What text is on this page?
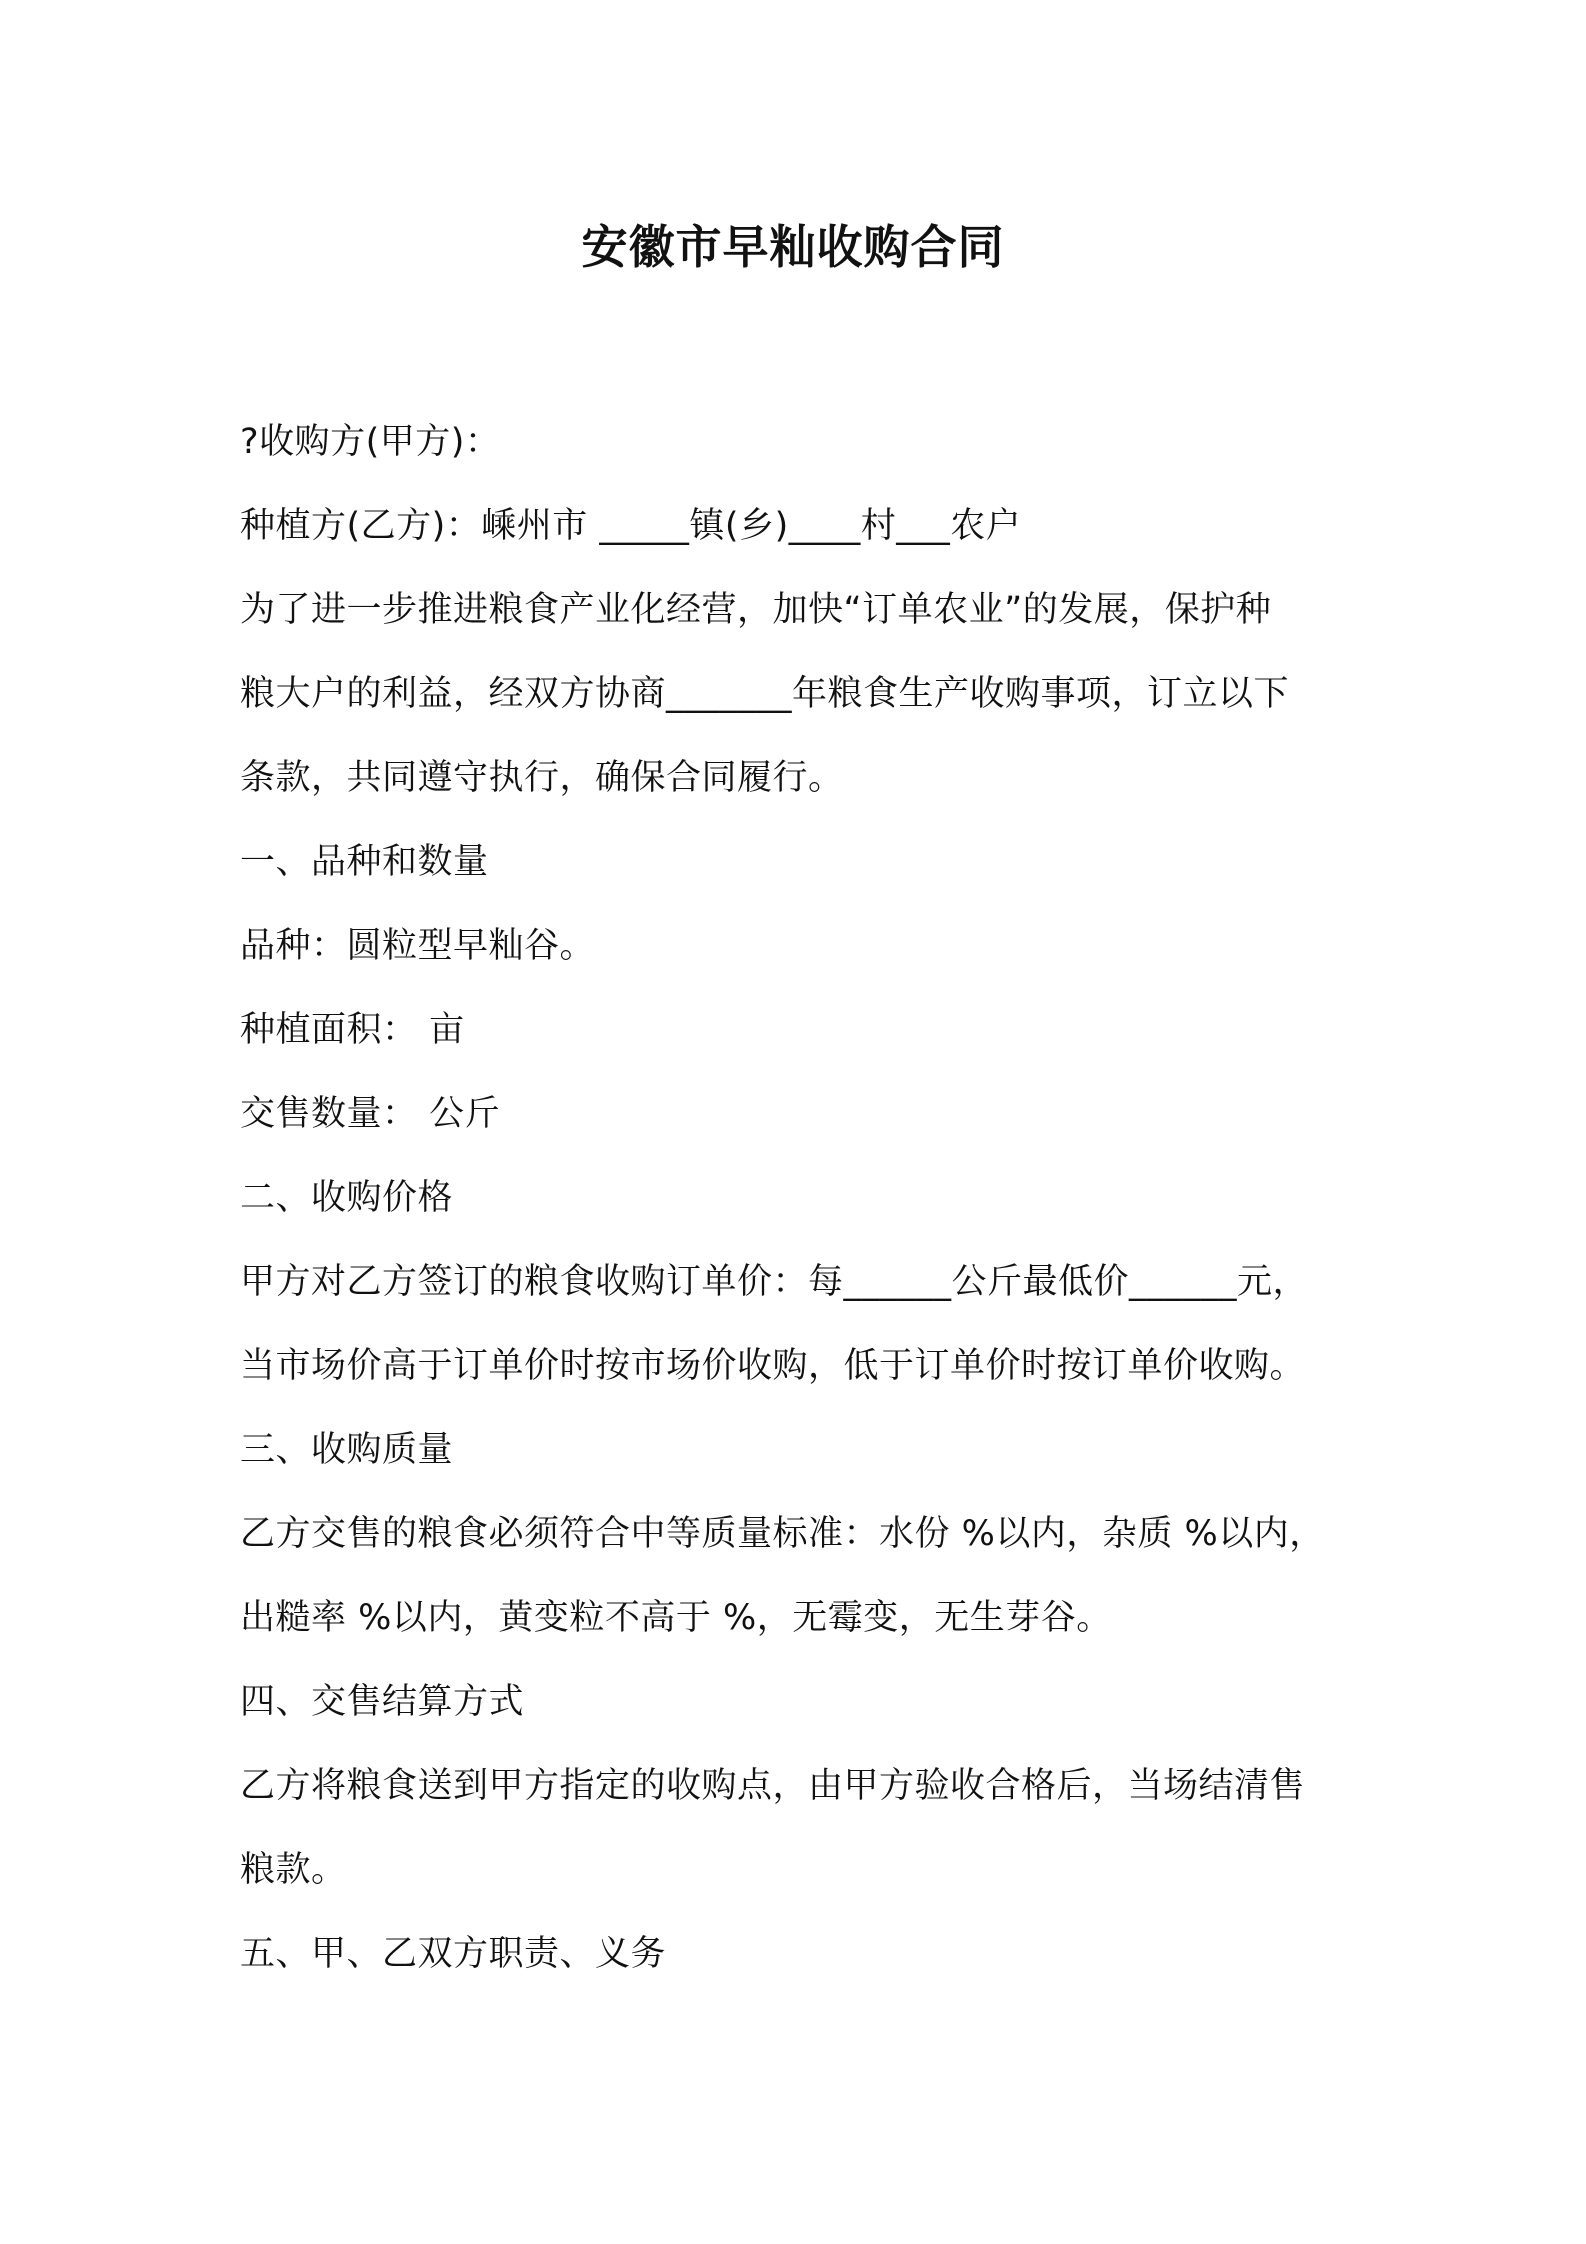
安徽市早籼收购合同
?收购方(甲方)：
种植方(乙方)：嵊州市 _____镇(乡)____村___农户
为了进一步推进粮食产业化经营，加快“订单农业”的发展，保护种
粮大户的利益，经双方协商_______年粮食生产收购事项，订立以下
条款，共同遵守执行，确保合同履行。
一、品种和数量
品种：圆粒型早籼谷。
种植面积： 亩
交售数量： 公斤
二、收购价格
甲方对乙方签订的粮食收购订单价：每______公斤最低价______元，
当市场价高于订单价时按市场价收购，低于订单价时按订单价收购。
三、收购质量
乙方交售的粮食必须符合中等质量标准：水份 %以内，杂质 %以内，
出糙率 %以内，黄变粒不高于 %，无霉变，无生芽谷。
四、交售结算方式
乙方将粮食送到甲方指定的收购点，由甲方验收合格后，当场结清售
粮款。
五、甲、乙双方职责、义务
